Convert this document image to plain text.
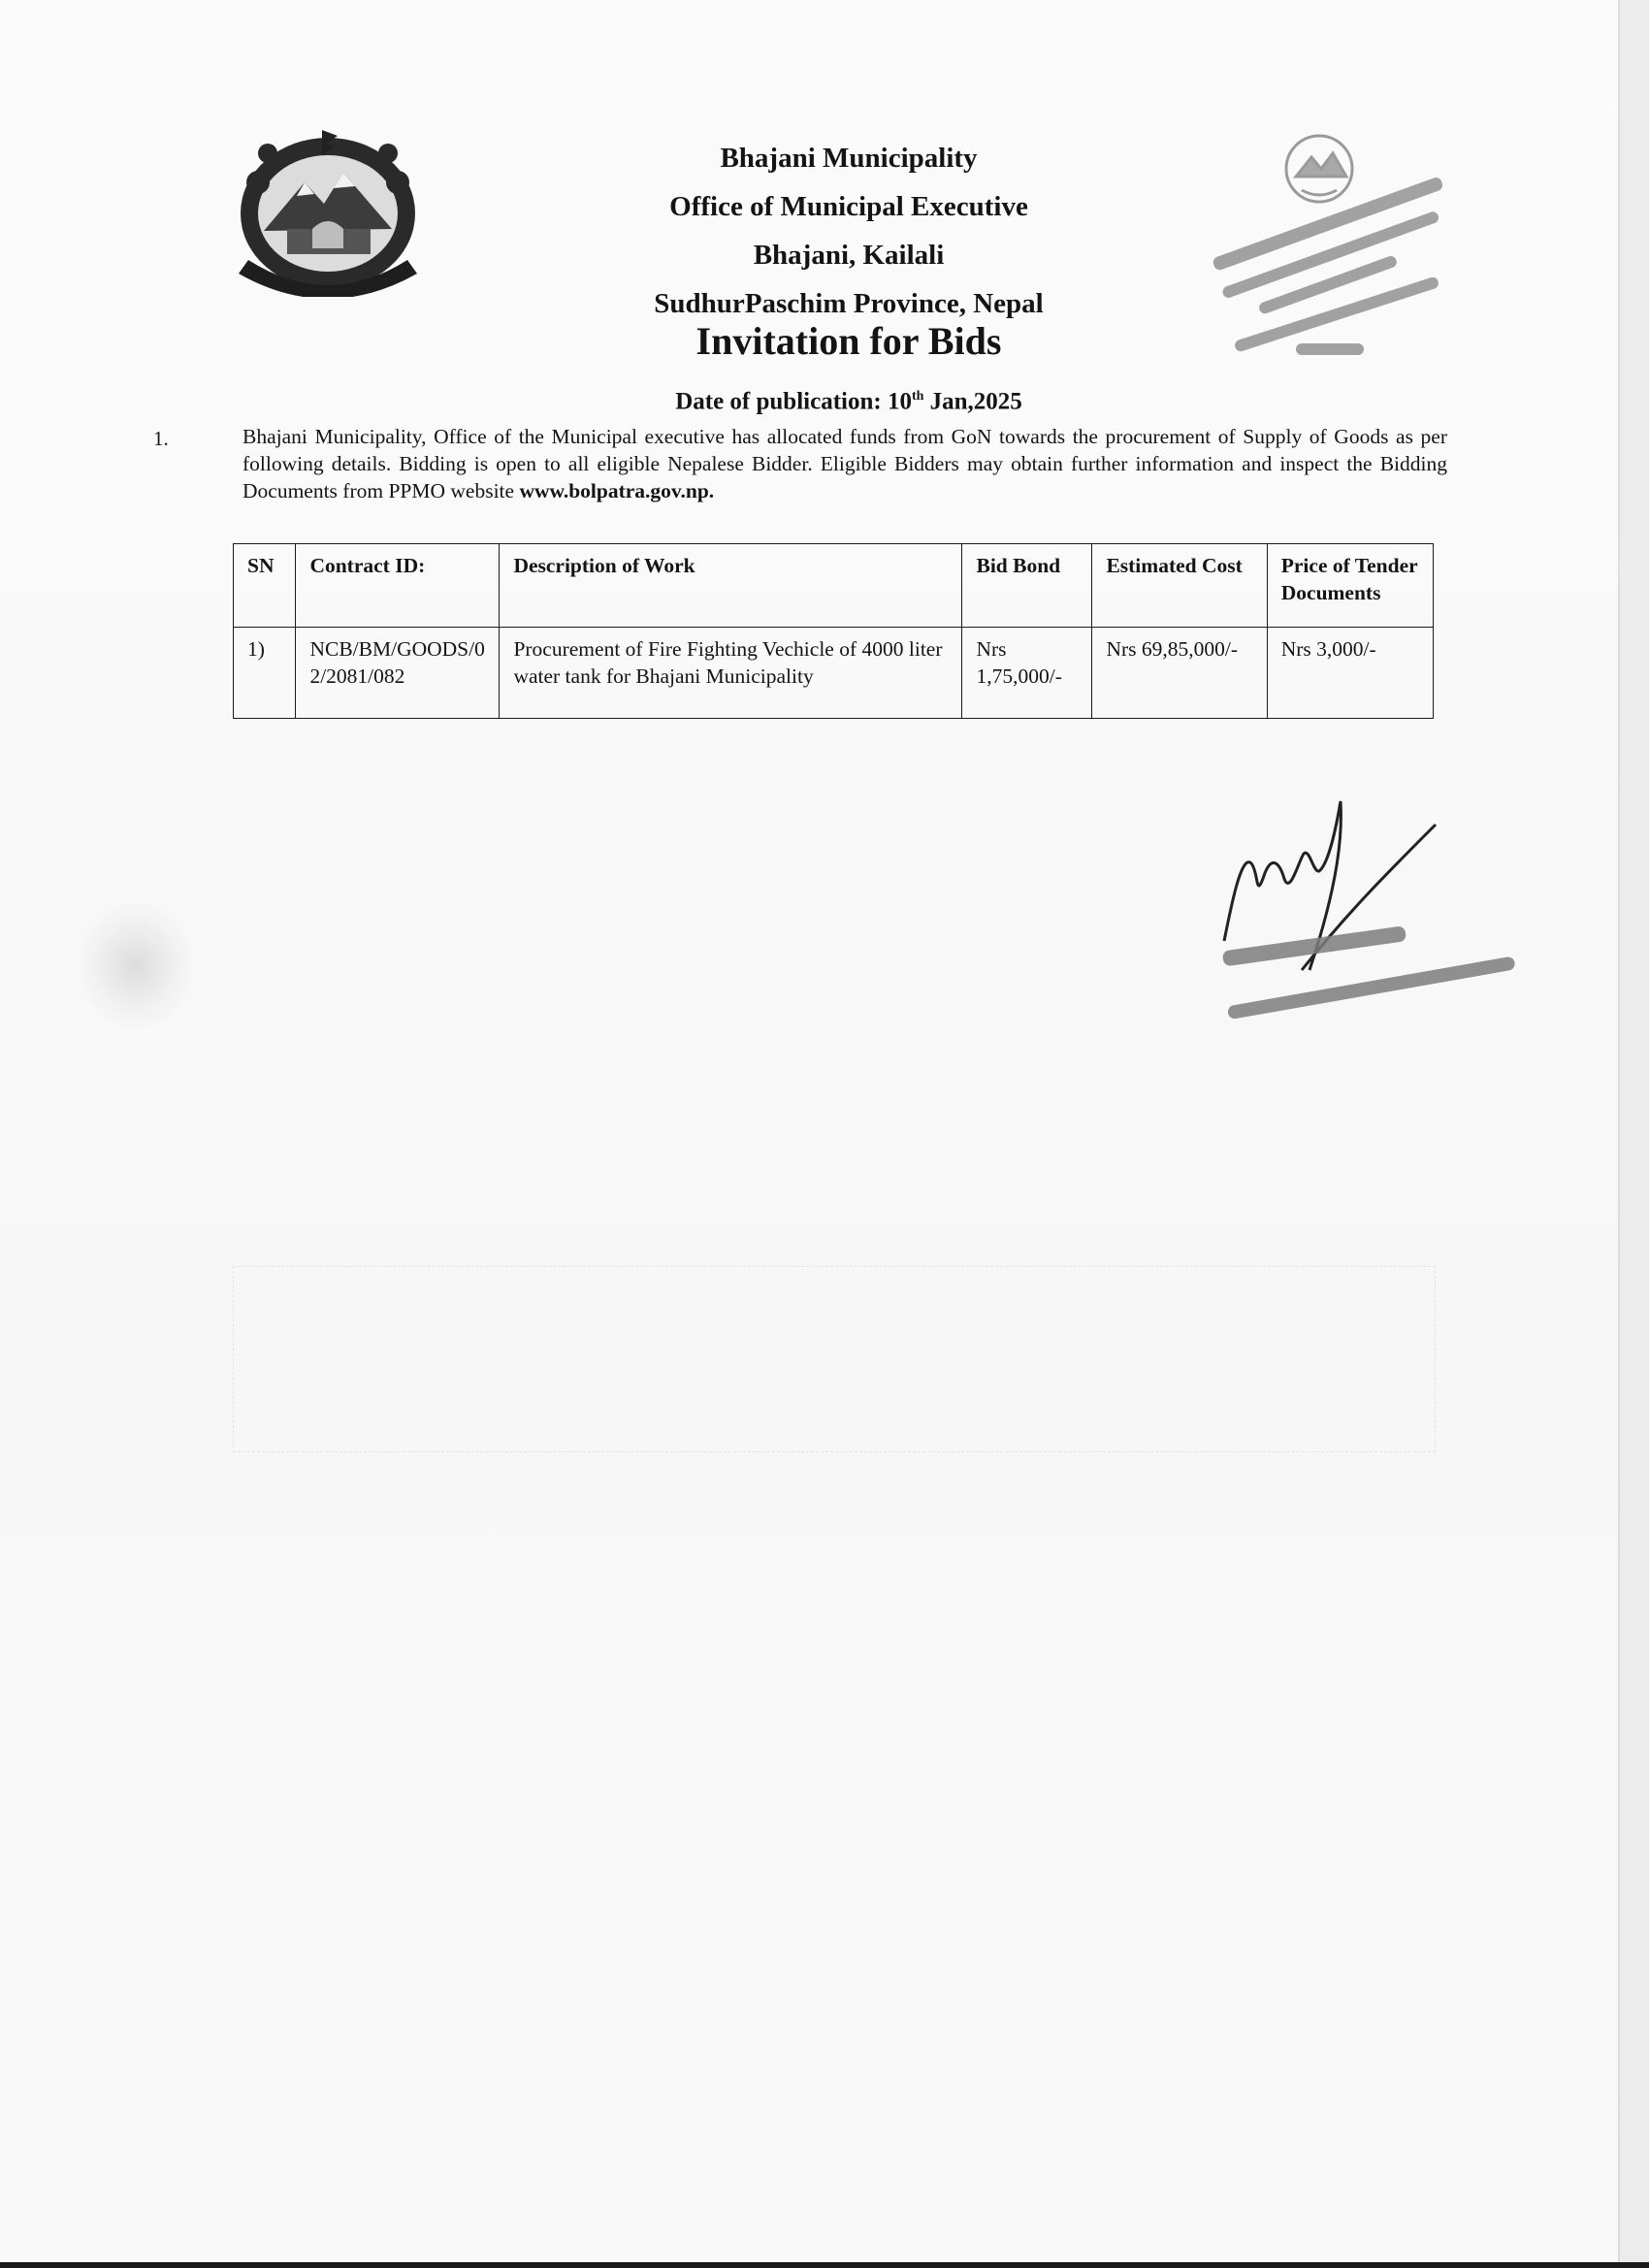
Bhajani Municipality
Office of Municipal Executive
Bhajani, Kailali
SudhurPaschim Province, Nepal
Invitation for Bids
Date of publication: 10th Jan,2025
1.	Bhajani Municipality, Office of the Municipal executive has allocated funds from GoN towards the procurement of Supply of Goods as per following details. Bidding is open to all eligible Nepalese Bidder. Eligible Bidders may obtain further information and inspect the Bidding Documents from PPMO website www.bolpatra.gov.np.
SN	Contract ID:	Description of Work	Bid Bond	Estimated Cost	Price of Tender Documents
1)	NCB/BM/GOODS/02/2081/082	Procurement of Fire Fighting Vechicle of 4000 liter water tank for Bhajani Municipality	Nrs 1,75,000/-	Nrs 69,85,000/-	Nrs 3,000/-
